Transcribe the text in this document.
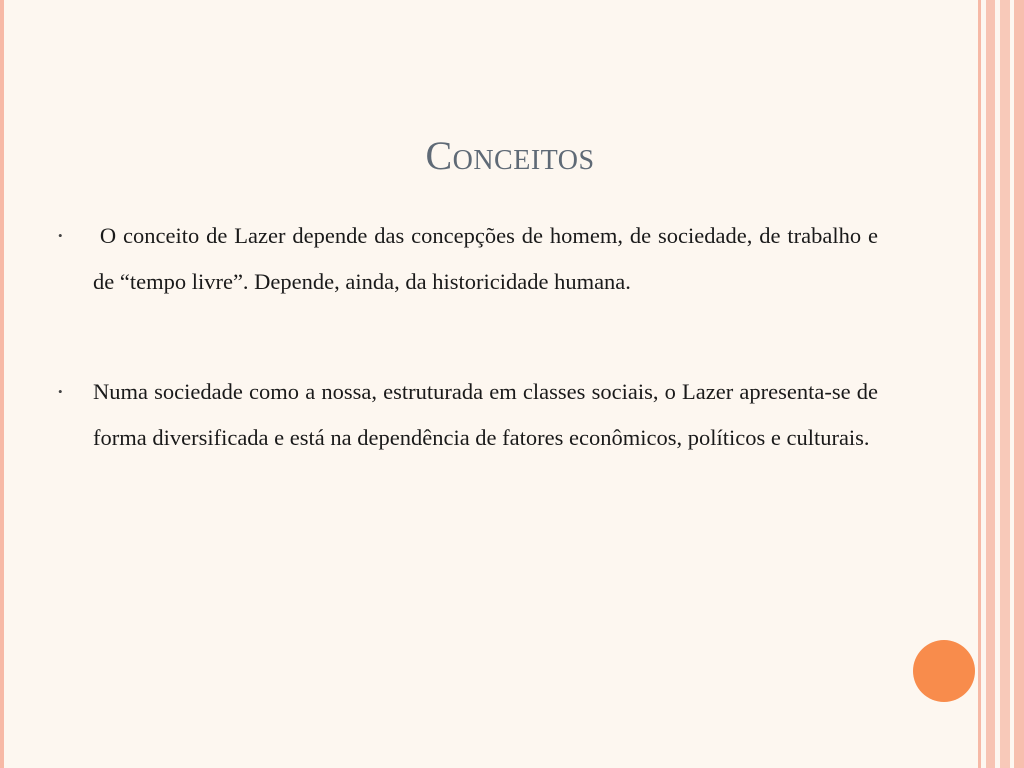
Conceitos
• O conceito de Lazer depende das concepções de homem, de sociedade, de trabalho e de “tempo livre”. Depende, ainda, da historicidade humana.
• Numa sociedade como a nossa, estruturada em classes sociais, o Lazer apresenta-se de forma diversificada e está na dependência de fatores econômicos, políticos e culturais.
